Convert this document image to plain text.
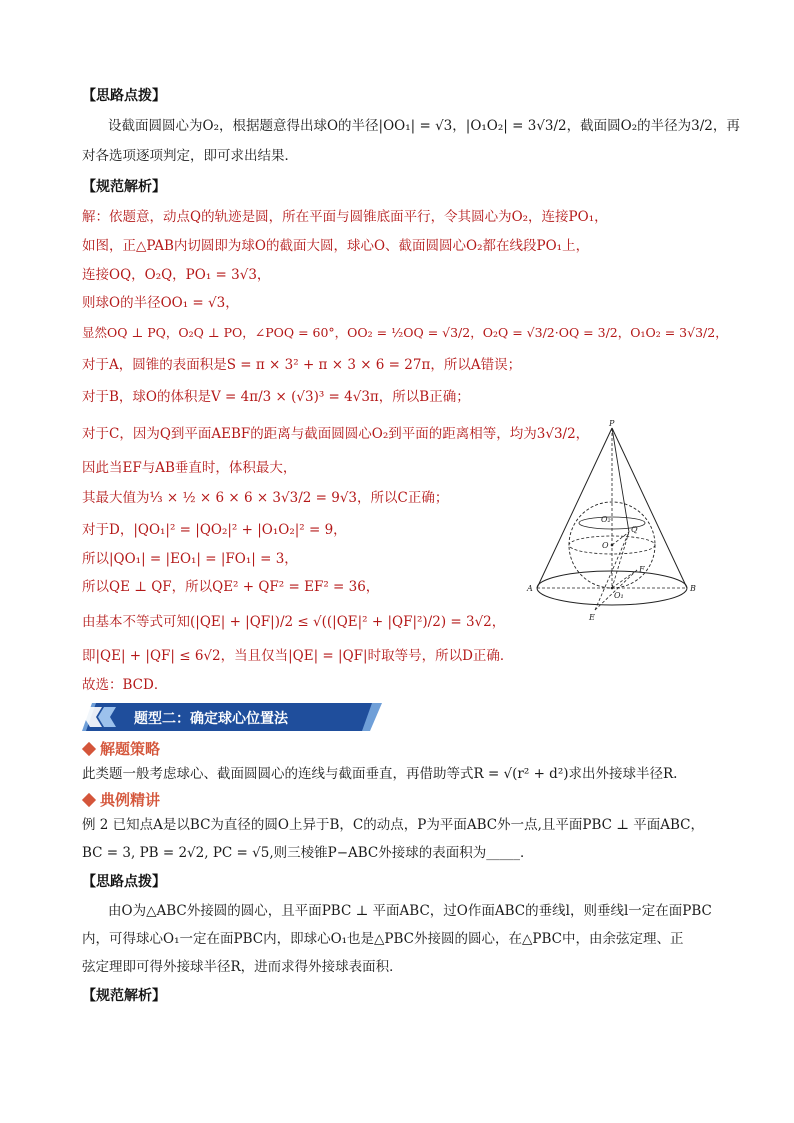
【思路点拨】
设截面圆圆心为O₂，根据题意得出球O的半径|OO₁| = √3，|O₁O₂| = 3√3/2，截面圆O₂的半径为3/2，再
对各选项逐项判定，即可求出结果．
【规范解析】
解：依题意，动点Q的轨迹是圆，所在平面与圆锥底面平行，令其圆心为O₂，连接PO₁，
如图，正△PAB内切圆即为球O的截面大圆，球心O、截面圆圆心O₂都在线段PO₁上，
连接OQ，O₂Q，PO₁ = 3√3，
则球O的半径OO₁ = √3，
显然OQ ⊥ PQ，O₂Q ⊥ PO，∠POQ = 60°，OO₂ = ½OQ = √3/2，O₂Q = √3/2·OQ = 3/2，O₁O₂ = 3√3/2，
对于A，圆锥的表面积是S = π × 3² + π × 3 × 6 = 27π，所以A错误；
对于B，球O的体积是V = 4π/3 × (√3)³ = 4√3π，所以B正确；
对于C，因为Q到平面AEBF的距离与截面圆圆心O₂到平面的距离相等，均为3√3/2，
因此当EF与AB垂直时，体积最大，
其最大值为⅓ × ½ × 6 × 6 × 3√3/2 = 9√3，所以C正确；
对于D，|QO₁|² = |QO₂|² + |O₁O₂|² = 9，
所以|QO₁| = |EO₁| = |FO₁| = 3，
所以QE ⊥ QF，所以QE² + QF² = EF² = 36，
由基本不等式可知(|QE| + |QF|)/2 ≤ √((|QE|² + |QF|²)/2) = 3√2，
即|QE| + |QF| ≤ 6√2，当且仅当|QE| = |QF|时取等号，所以D正确．
故选：BCD．
P
A	B
O
O₁
O₂
E
F
Q
题型二：确定球心位置法
解题策略
此类题一般考虑球心、截面圆圆心的连线与截面垂直，再借助等式R = √(r² + d²)求出外接球半径R.
典例精讲
例 2 已知点A是以BC为直径的圆O上异于B，C的动点，P为平面ABC外一点,且平面PBC ⊥ 平面ABC，
BC = 3, PB = 2√2, PC = √5,则三棱锥P−ABC外接球的表面积为_____．
【思路点拨】
由O为△ABC外接圆的圆心，且平面PBC ⊥ 平面ABC，过O作面ABC的垂线l，则垂线l一定在面PBC
内，可得球心O₁一定在面PBC内，即球心O₁也是△PBC外接圆的圆心，在△PBC中，由余弦定理、正
弦定理即可得外接球半径R，进而求得外接球表面积．
【规范解析】
